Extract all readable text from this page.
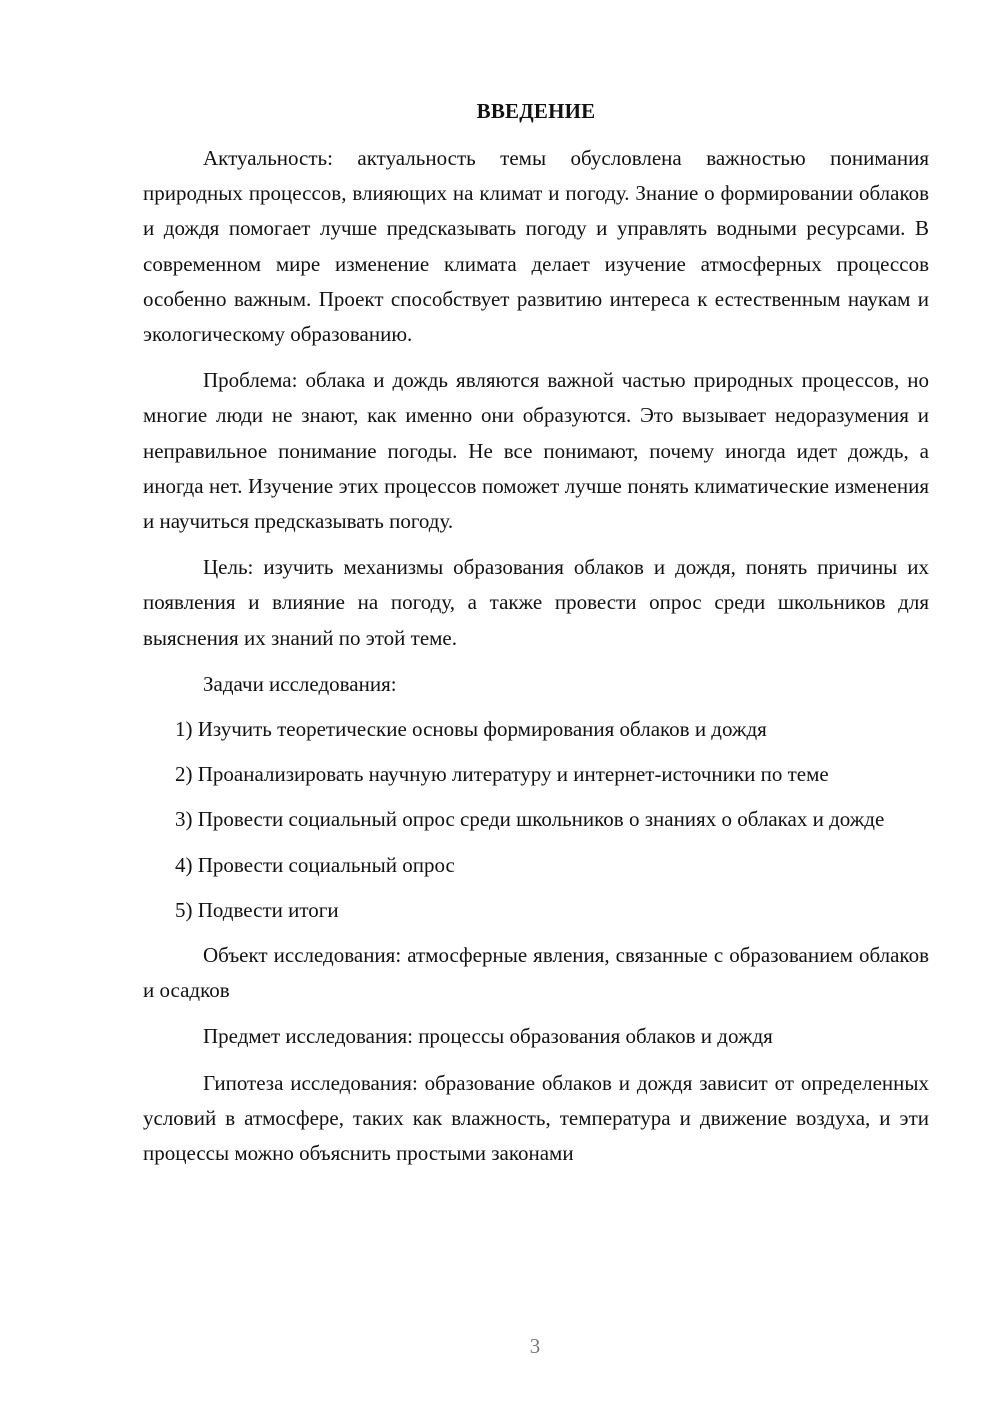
ВВЕДЕНИЕ

Актуальность: актуальность темы обусловлена важностью понимания природных процессов, влияющих на климат и погоду. Знание о формировании облаков и дождя помогает лучше предсказывать погоду и управлять водными ресурсами. В современном мире изменение климата делает изучение атмосферных процессов особенно важным. Проект способствует развитию интереса к естественным наукам и экологическому образованию.

Проблема: облака и дождь являются важной частью природных процессов, но многие люди не знают, как именно они образуются. Это вызывает недоразумения и неправильное понимание погоды. Не все понимают, почему иногда идет дождь, а иногда нет. Изучение этих процессов поможет лучше понять климатические изменения и научиться предсказывать погоду.

Цель: изучить механизмы образования облаков и дождя, понять причины их появления и влияние на погоду, а также провести опрос среди школьников для выяснения их знаний по этой теме.

Задачи исследования:

1) Изучить теоретические основы формирования облаков и дождя

2) Проанализировать научную литературу и интернет-источники по теме

3) Провести социальный опрос среди школьников о знаниях о облаках и дожде

4) Провести социальный опрос

5) Подвести итоги

Объект исследования: атмосферные явления, связанные с образованием облаков и осадков

Предмет исследования: процессы образования облаков и дождя

Гипотеза исследования: образование облаков и дождя зависит от определенных условий в атмосфере, таких как влажность, температура и движение воздуха, и эти процессы можно объяснить простыми законами

3
